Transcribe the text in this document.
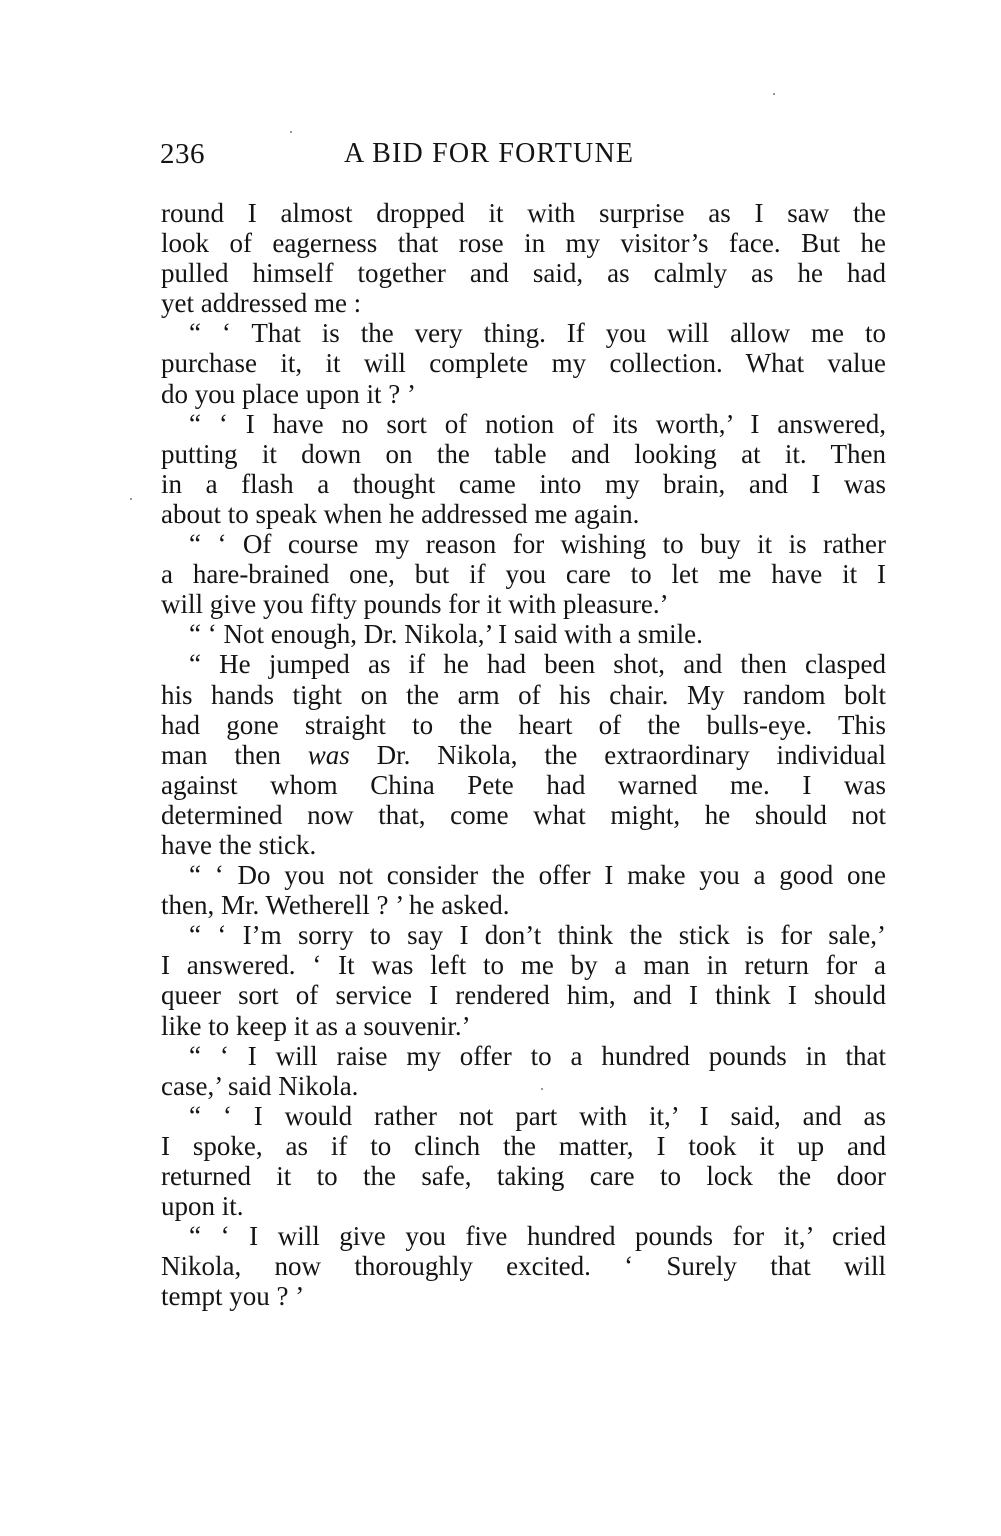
236	A BID FOR FORTUNE
round I almost dropped it with surprise as I saw the
look of eagerness that rose in my visitor’s face. But he
pulled himself together and said, as calmly as he had
yet addressed me :
“ ‘ That is the very thing. If you will allow me to
purchase it, it will complete my collection. What value
do you place upon it ? ’
“ ‘ I have no sort of notion of its worth,’ I answered,
putting it down on the table and looking at it. Then
in a flash a thought came into my brain, and I was
about to speak when he addressed me again.
“ ‘ Of course my reason for wishing to buy it is rather
a hare-brained one, but if you care to let me have it I
will give you fifty pounds for it with pleasure.’
“ ‘ Not enough, Dr. Nikola,’ I said with a smile.
“ He jumped as if he had been shot, and then clasped
his hands tight on the arm of his chair. My random bolt
had gone straight to the heart of the bulls-eye. This
man then was Dr. Nikola, the extraordinary individual
against whom China Pete had warned me. I was
determined now that, come what might, he should not
have the stick.
“ ‘ Do you not consider the offer I make you a good one
then, Mr. Wetherell ? ’ he asked.
“ ‘ I’m sorry to say I don’t think the stick is for sale,’
I answered. ‘ It was left to me by a man in return for a
queer sort of service I rendered him, and I think I should
like to keep it as a souvenir.’
“ ‘ I will raise my offer to a hundred pounds in that
case,’ said Nikola.
“ ‘ I would rather not part with it,’ I said, and as
I spoke, as if to clinch the matter, I took it up and
returned it to the safe, taking care to lock the door
upon it.
“ ‘ I will give you five hundred pounds for it,’ cried
Nikola, now thoroughly excited. ‘ Surely that will
tempt you ? ’
